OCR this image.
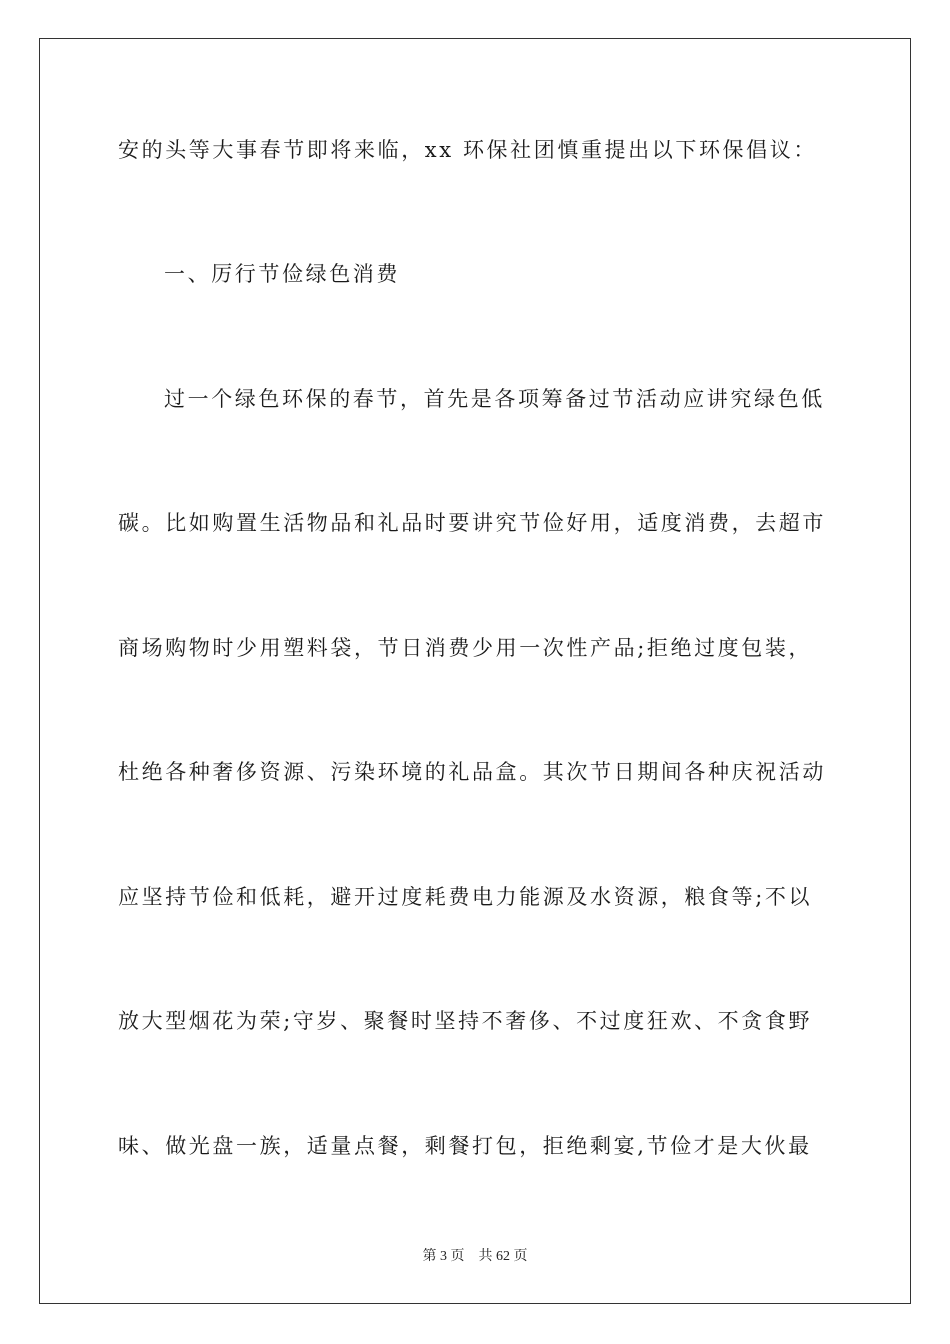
安的头等大事春节即将来临，xx 环保社团慎重提出以下环保倡议：
一、厉行节俭绿色消费
过一个绿色环保的春节，首先是各项筹备过节活动应讲究绿色低
碳。比如购置生活物品和礼品时要讲究节俭好用，适度消费，去超市
商场购物时少用塑料袋，节日消费少用一次性产品;拒绝过度包装，
杜绝各种奢侈资源、污染环境的礼品盒。其次节日期间各种庆祝活动
应坚持节俭和低耗，避开过度耗费电力能源及水资源，粮食等;不以
放大型烟花为荣;守岁、聚餐时坚持不奢侈、不过度狂欢、不贪食野
味、做光盘一族，适量点餐，剩餐打包，拒绝剩宴,节俭才是大伙最
第 3 页 共 62 页
